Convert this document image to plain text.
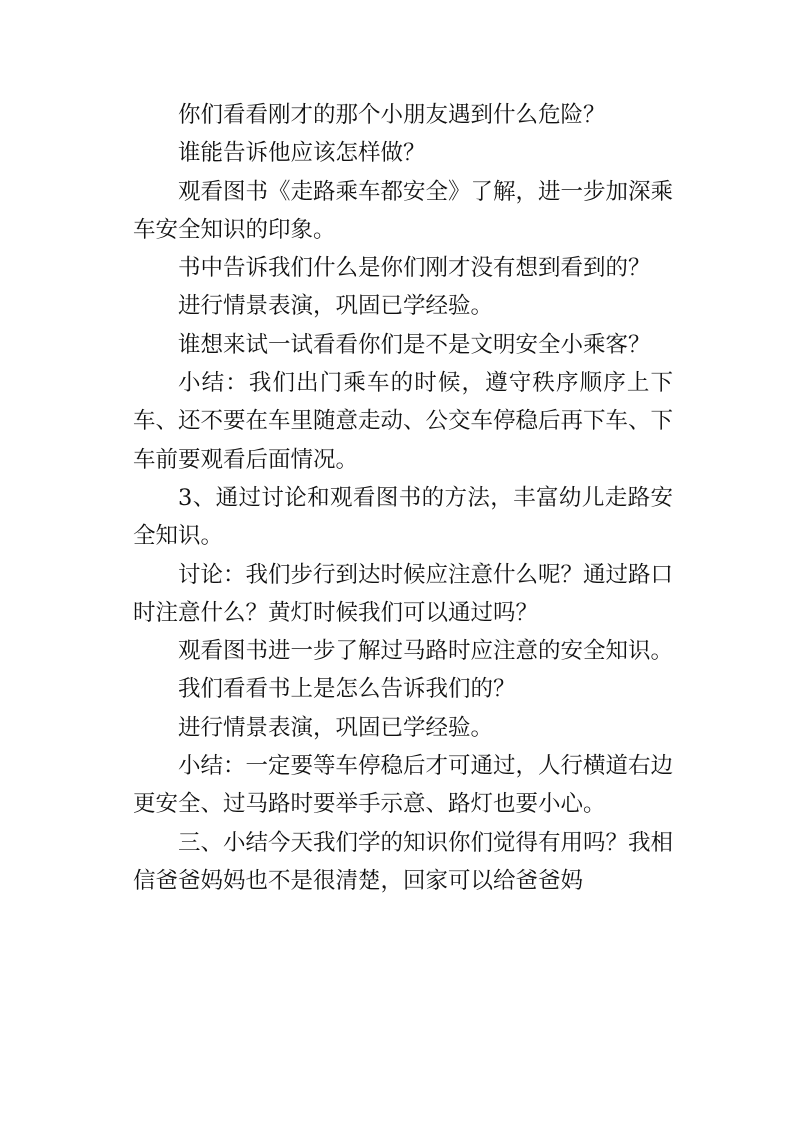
你们看看刚才的那个小朋友遇到什么危险？

谁能告诉他应该怎样做？

观看图书《走路乘车都安全》了解，进一步加深乘车安全知识的印象。

书中告诉我们什么是你们刚才没有想到看到的？

进行情景表演，巩固已学经验。

谁想来试一试看看你们是不是文明安全小乘客？

小结：我们出门乘车的时候，遵守秩序顺序上下车、还不要在车里随意走动、公交车停稳后再下车、下车前要观看后面情况。

3、通过讨论和观看图书的方法，丰富幼儿走路安全知识。

讨论：我们步行到达时候应注意什么呢？通过路口时注意什么？黄灯时候我们可以通过吗？

观看图书进一步了解过马路时应注意的安全知识。

我们看看书上是怎么告诉我们的？

进行情景表演，巩固已学经验。

小结：一定要等车停稳后才可通过，人行横道右边更安全、过马路时要举手示意、路灯也要小心。

三、小结今天我们学的知识你们觉得有用吗？我相信爸爸妈妈也不是很清楚，回家可以给爸爸妈
